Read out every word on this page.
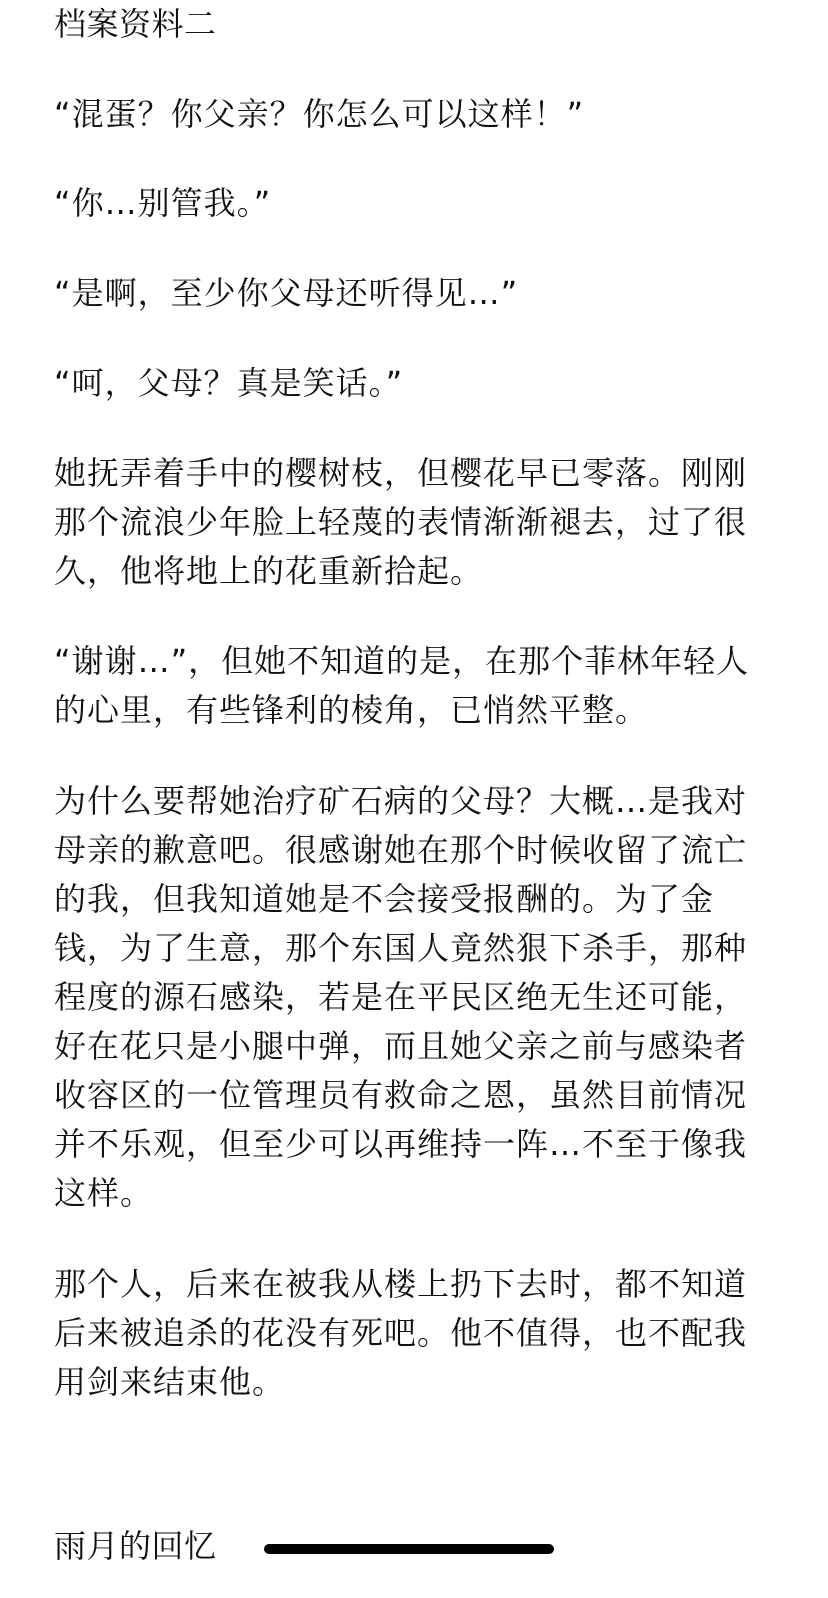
档案资料二

“混蛋？你父亲？你怎么可以这样！”

“你…别管我。”

“是啊，至少你父母还听得见…”

“呵，父母？真是笑话。”

她抚弄着手中的樱树枝，但樱花早已零落。刚刚那个流浪少年脸上轻蔑的表情渐渐褪去，过了很久，他将地上的花重新拾起。

“谢谢…”，但她不知道的是，在那个菲林年轻人的心里，有些锋利的棱角，已悄然平整。

为什么要帮她治疗矿石病的父母？大概…是我对母亲的歉意吧。很感谢她在那个时候收留了流亡的我，但我知道她是不会接受报酬的。为了金钱，为了生意，那个东国人竟然狠下杀手，那种程度的源石感染，若是在平民区绝无生还可能，好在花只是小腿中弹，而且她父亲之前与感染者收容区的一位管理员有救命之恩，虽然目前情况并不乐观，但至少可以再维持一阵…不至于像我这样。

那个人，后来在被我从楼上扔下去时，都不知道后来被追杀的花没有死吧。他不值得，也不配我用剑来结束他。

雨月的回忆
